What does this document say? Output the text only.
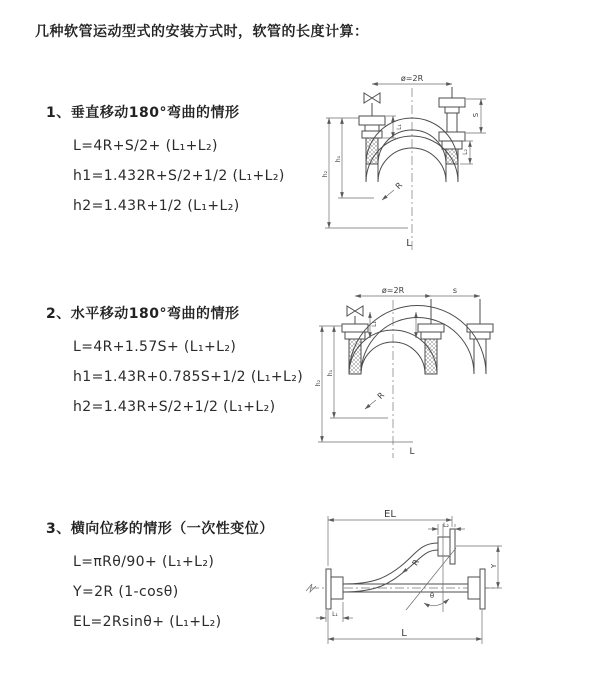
几种软管运动型式的安装方式时，软管的长度计算：
1、垂直移动180°弯曲的情形
L=4R+S/2+ (L₁+L₂)
h1=1.432R+S/2+1/2 (L₁+L₂)
h2=1.43R+1/2 (L₁+L₂)
2、水平移动180°弯曲的情形
L=4R+1.57S+ (L₁+L₂)
h1=1.43R+0.785S+1/2 (L₁+L₂)
h2=1.43R+S/2+1/2 (L₁+L₂)
3、横向位移的情形（一次性变位）
L=πRθ/90+ (L₁+L₂)
Y=2R (1-cosθ)
EL=2Rsinθ+ (L₁+L₂)
ø=2R
L₁
S
L₂
h₁
h₂
R
L
ø=2R	s
L₁
h₁
h₂
R
L
EL
L₂
Y
R
θ
L
L₁
